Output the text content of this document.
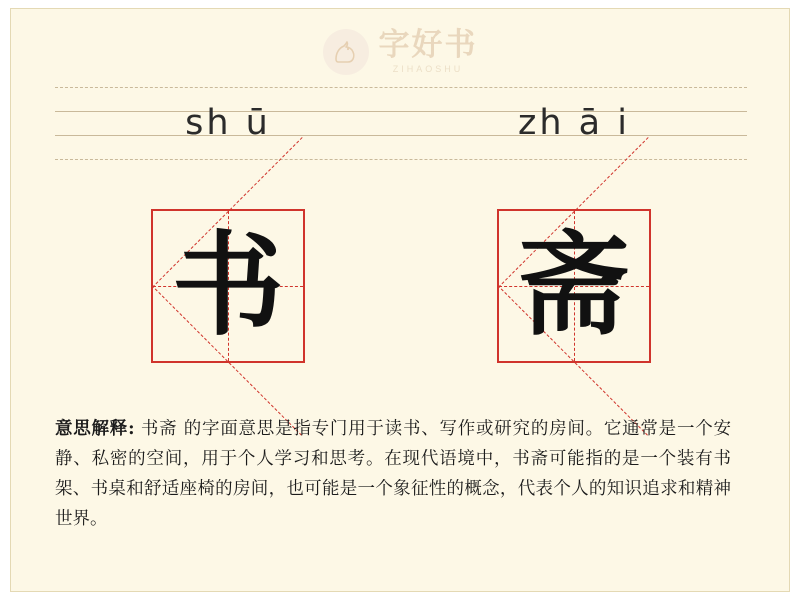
字好书
ZIHAOSHU
sh ū	zh ā i
书 斋
意思解释: 书斋 的字面意思是指专门用于读书、写作或研究的房间。它通常是一个安静、私密的空间，用于个人学习和思考。在现代语境中，书斋可能指的是一个装有书架、书桌和舒适座椅的房间，也可能是一个象征性的概念，代表个人的知识追求和精神世界。
